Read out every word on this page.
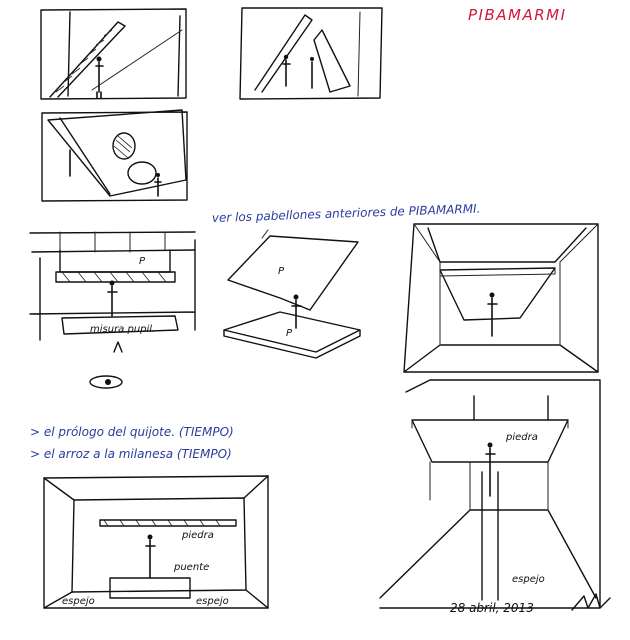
PIBAMARMI
ver los pabellones anteriores de PIBAMARMI.
P
misura pupil.
P
P
> el prólogo del quijote. (TIEMPO)
> el arroz a la milanesa (TIEMPO)
piedra
puente
espejo	espejo
piedra
espejo
28 abril, 2013
